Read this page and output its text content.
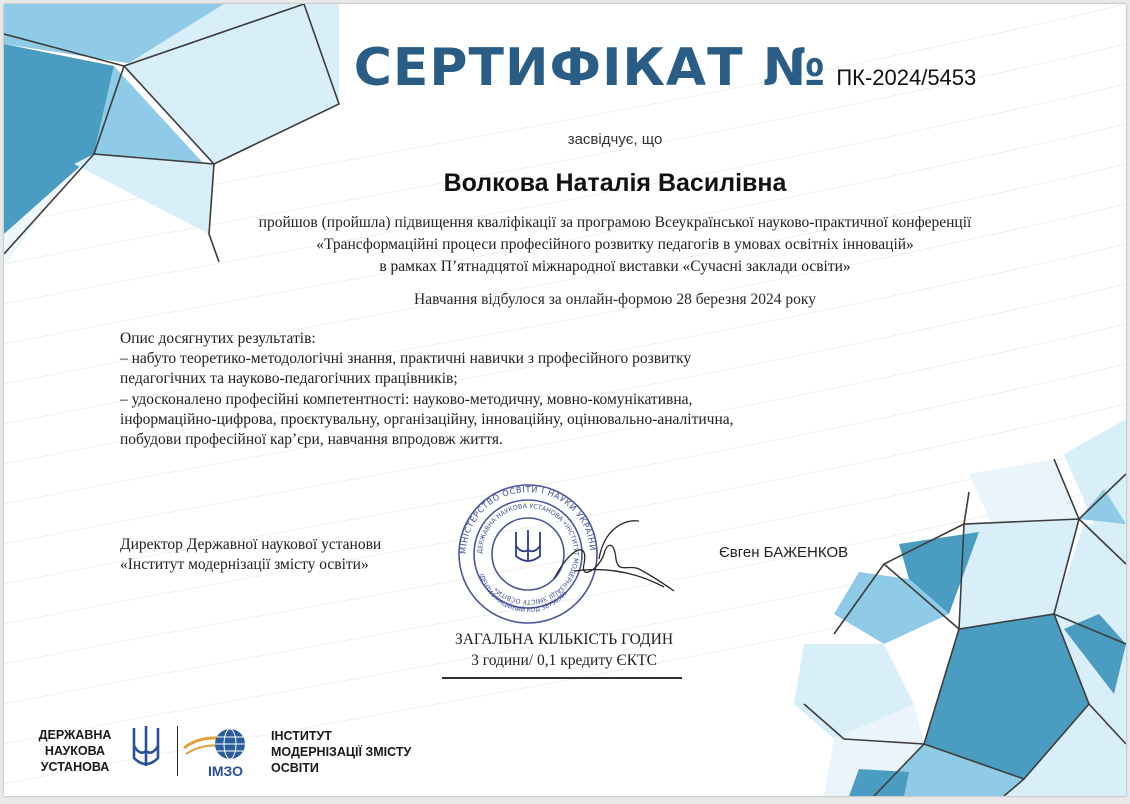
СЕРТИФІКАТ № ПК-2024/5453
засвідчує, що
Волкова Наталія Василівна
пройшов (пройшла) підвищення кваліфікації за програмою Всеукраїнської науково-практичної конференції
«Трансформаційні процеси професійного розвитку педагогів в умовах освітніх інновацій»
в рамках П’ятнадцятої міжнародної виставки «Сучасні заклади освіти»
Навчання відбулося за онлайн-формою 28 березня 2024 року
Опис досягнутих результатів:
– набуто теоретико-методологічні знання, практичні навички з професійного розвитку
педагогічних та науково-педагогічних працівників;
– удосконалено професійні компетентності: науково-методичну, мовно-комунікативна,
інформаційно-цифрова, проєктувальну, організаційну, інноваційну, оцінювально-аналітична,
побудови професійної кар’єри, навчання впродовж життя.
Директор Державної наукової установи
«Інститут модернізації змісту освіти»
МІНІСТЕРСТВО ОСВІТИ І НАУКИ УКРАЇНИ
ДЕРЖАВНА НАУКОВА УСТАНОВА «ІНСТИТУТ МОДЕРНІЗАЦІЇ ЗМІСТУ ОСВІТИ»
ІДЕНТИФІКАЦІЙНИЙ КОД 38736385
Євген БАЖЕНКОВ
ЗАГАЛЬНА КІЛЬКІСТЬ ГОДИН
3 години/ 0,1 кредиту ЄКТС
ДЕРЖАВНА
НАУКОВА
УСТАНОВА	ІМЗО
ІНСТИТУТ
МОДЕРНІЗАЦІЇ ЗМІСТУ
ОСВІТИ
